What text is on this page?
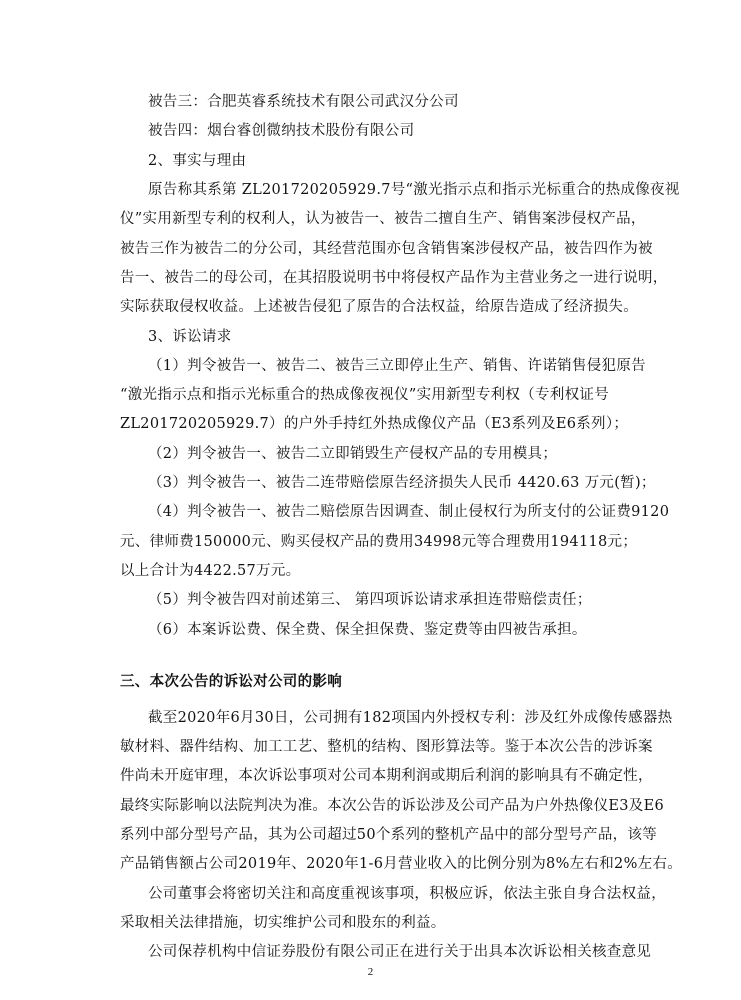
被告三：合肥英睿系统技术有限公司武汉分公司
被告四：烟台睿创微纳技术股份有限公司
2、事实与理由
原告称其系第 ZL201720205929.7号“激光指示点和指示光标重合的热成像夜视
仪”实用新型专利的权利人，认为被告一、被告二擅自生产、销售案涉侵权产品，
被告三作为被告二的分公司，其经营范围亦包含销售案涉侵权产品，被告四作为被
告一、被告二的母公司，在其招股说明书中将侵权产品作为主营业务之一进行说明，
实际获取侵权收益。上述被告侵犯了原告的合法权益，给原告造成了经济损失。
3、诉讼请求
（1）判令被告一、被告二、被告三立即停止生产、销售、许诺销售侵犯原告
“激光指示点和指示光标重合的热成像夜视仪”实用新型专利权（专利权证号
ZL201720205929.7）的户外手持红外热成像仪产品（E3系列及E6系列）；
（2）判令被告一、被告二立即销毁生产侵权产品的专用模具；
（3）判令被告一、被告二连带赔偿原告经济损失人民币 4420.63 万元(暂)；
（4）判令被告一、被告二赔偿原告因调查、制止侵权行为所支付的公证费9120
元、律师费150000元、购买侵权产品的费用34998元等合理费用194118元；
以上合计为4422.57万元。
（5）判令被告四对前述第三、 第四项诉讼请求承担连带赔偿责任；
（6）本案诉讼费、保全费、保全担保费、鉴定费等由四被告承担。
三、本次公告的诉讼对公司的影响
截至2020年6月30日，公司拥有182项国内外授权专利：涉及红外成像传感器热
敏材料、器件结构、加工工艺、整机的结构、图形算法等。鉴于本次公告的涉诉案
件尚未开庭审理，本次诉讼事项对公司本期利润或期后利润的影响具有不确定性，
最终实际影响以法院判决为准。本次公告的诉讼涉及公司产品为户外热像仪E3及E6
系列中部分型号产品，其为公司超过50个系列的整机产品中的部分型号产品，该等
产品销售额占公司2019年、2020年1-6月营业收入的比例分别为8%左右和2%左右。
公司董事会将密切关注和高度重视该事项，积极应诉，依法主张自身合法权益，
采取相关法律措施，切实维护公司和股东的利益。
2
公司保荐机构中信证券股份有限公司正在进行关于出具本次诉讼相关核查意见
